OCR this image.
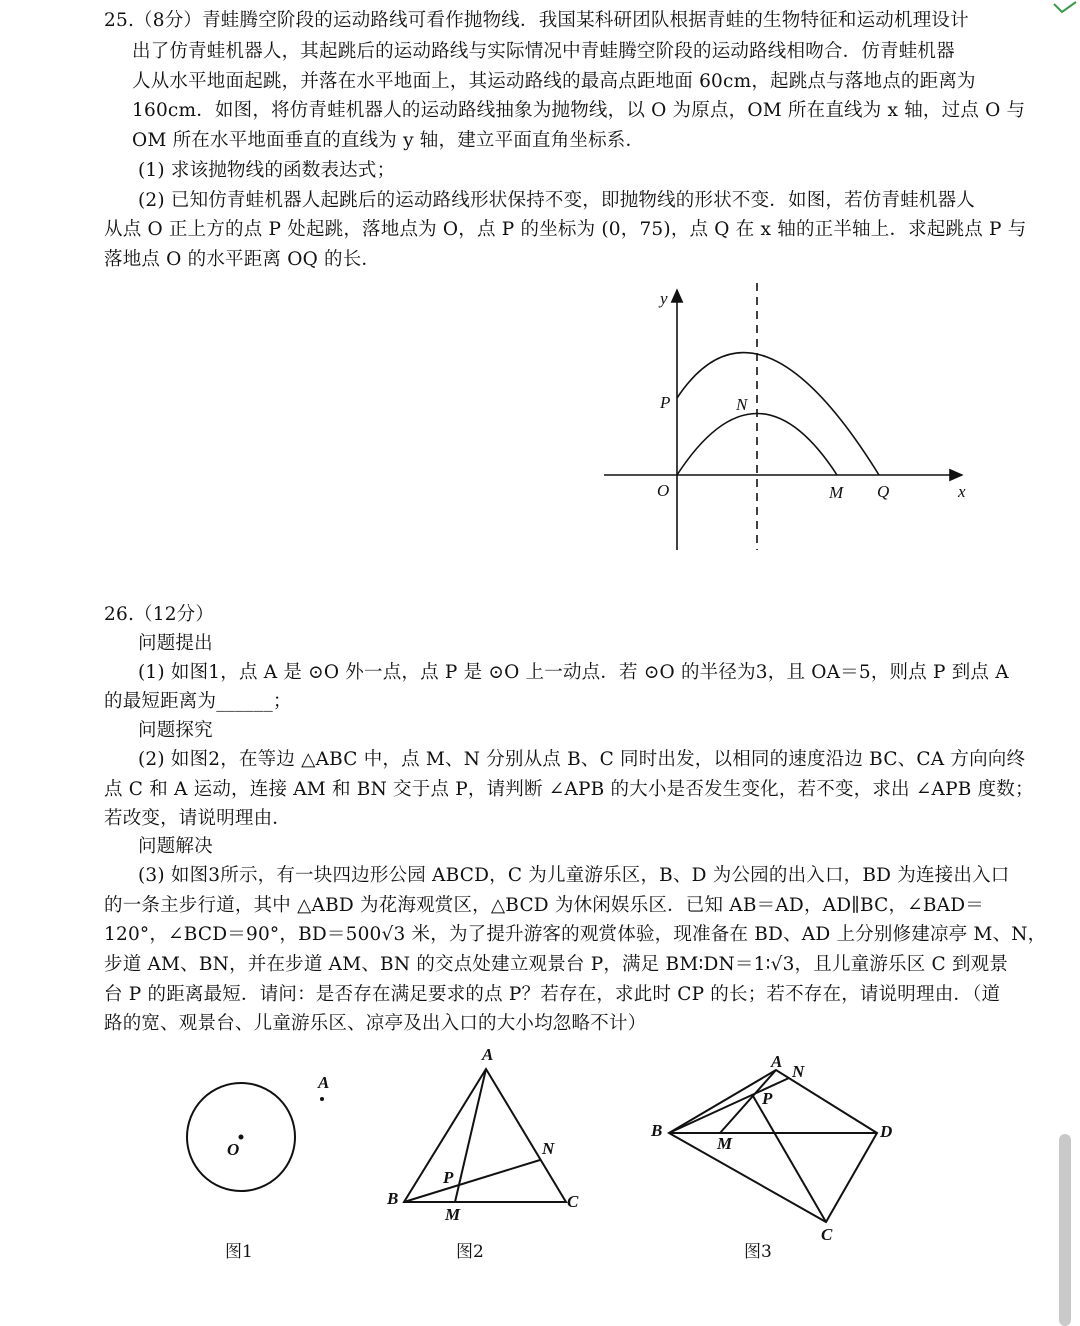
25.（8分）青蛙腾空阶段的运动路线可看作抛物线．我国某科研团队根据青蛙的生物特征和运动机理设计
出了仿青蛙机器人，其起跳后的运动路线与实际情况中青蛙腾空阶段的运动路线相吻合．仿青蛙机器
人从水平地面起跳，并落在水平地面上，其运动路线的最高点距地面 60cm，起跳点与落地点的距离为
160cm．如图，将仿青蛙机器人的运动路线抽象为抛物线，以 O 为原点，OM 所在直线为 x 轴，过点 O 与
OM 所在水平地面垂直的直线为 y 轴，建立平面直角坐标系．
(1) 求该抛物线的函数表达式；
(2) 已知仿青蛙机器人起跳后的运动路线形状保持不变，即抛物线的形状不变．如图，若仿青蛙机器人
从点 O 正上方的点 P 处起跳，落地点为 O，点 P 的坐标为 (0，75)，点 Q 在 x 轴的正半轴上．求起跳点 P 与
落地点 O 的水平距离 OQ 的长．
y
x
O
P	N
M Q
26.（12分）
问题提出
(1) 如图1，点 A 是 ⊙O 外一点，点 P 是 ⊙O 上一动点．若 ⊙O 的半径为3，且 OA＝5，则点 P 到点 A
的最短距离为______；
问题探究
(2) 如图2，在等边 △ABC 中，点 M、N 分别从点 B、C 同时出发，以相同的速度沿边 BC、CA 方向向终
点 C 和 A 运动，连接 AM 和 BN 交于点 P，请判断 ∠APB 的大小是否发生变化，若不变，求出 ∠APB 度数；
若改变，请说明理由．
问题解决
(3) 如图3所示，有一块四边形公园 ABCD，C 为儿童游乐区，B、D 为公园的出入口，BD 为连接出入口
的一条主步行道，其中 △ABD 为花海观赏区，△BCD 为休闲娱乐区．已知 AB＝AD，AD∥BC，∠BAD＝
120°，∠BCD＝90°，BD＝500√3 米，为了提升游客的观赏体验，现准备在 BD、AD 上分别修建凉亭 M、N，
步道 AM、BN，并在步道 AM、BN 的交点处建立观景台 P，满足 BM∶DN＝1∶√3，且儿童游乐区 C 到观景
台 P 的距离最短．请问：是否存在满足要求的点 P？若存在，求此时 CP 的长；若不存在，请说明理由．（道
路的宽、观景台、儿童游乐区、凉亭及出入口的大小均忽略不计）
O
A
图1
A
B	C
M
N
P
图2
A
B
C
D
M
N
P
图3
